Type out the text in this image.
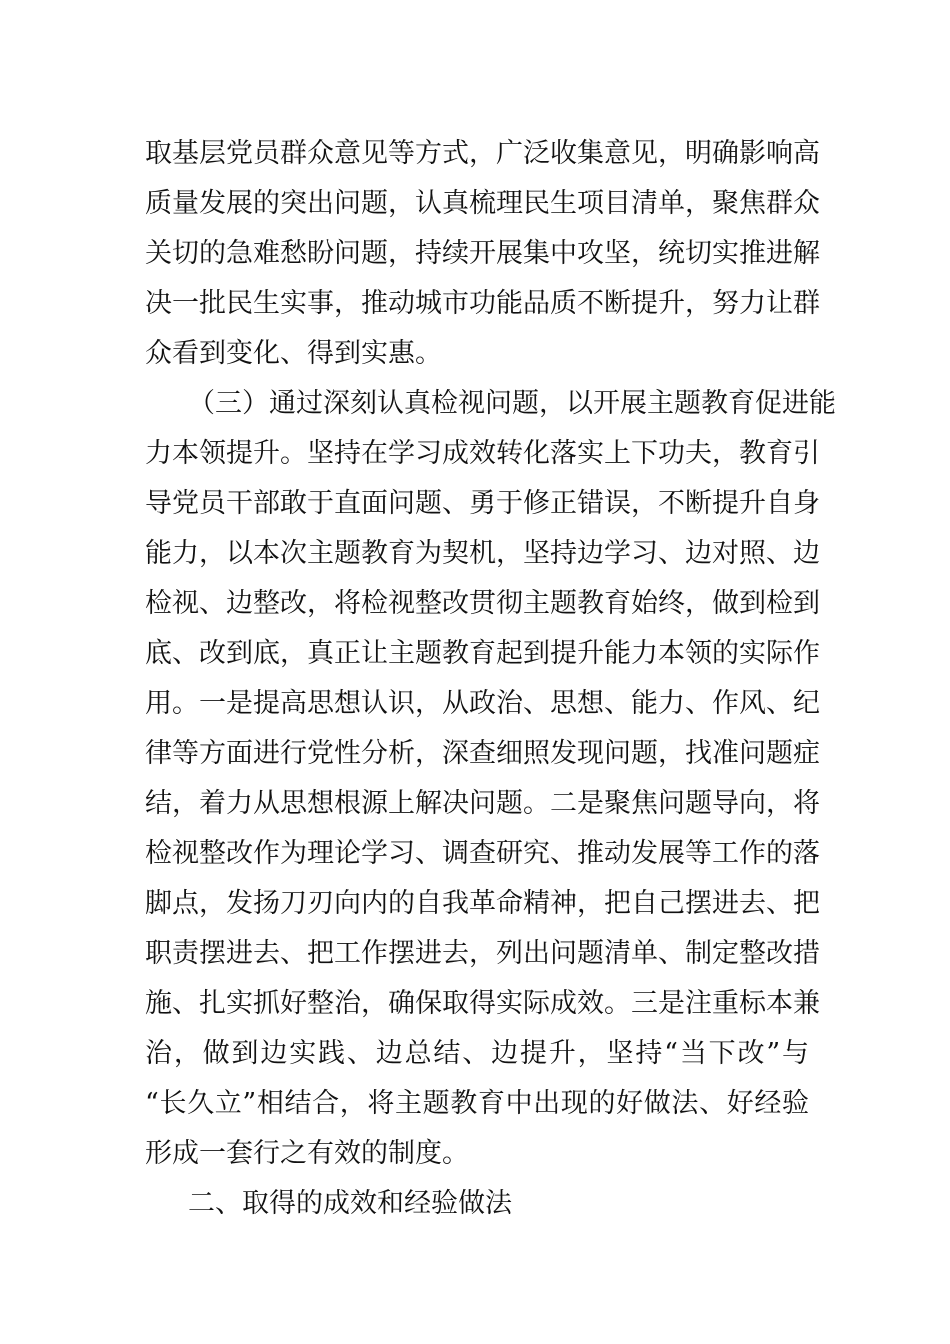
取基层党员群众意见等方式，广泛收集意见，明确影响高
质量发展的突出问题，认真梳理民生项目清单，聚焦群众
关切的急难愁盼问题，持续开展集中攻坚，统切实推进解
决一批民生实事，推动城市功能品质不断提升，努力让群
众看到变化、得到实惠。
（三）通过深刻认真检视问题，以开展主题教育促进能
力本领提升。坚持在学习成效转化落实上下功夫，教育引
导党员干部敢于直面问题、勇于修正错误，不断提升自身
能力，以本次主题教育为契机，坚持边学习、边对照、边
检视、边整改，将检视整改贯彻主题教育始终，做到检到
底、改到底，真正让主题教育起到提升能力本领的实际作
用。一是提高思想认识，从政治、思想、能力、作风、纪
律等方面进行党性分析，深查细照发现问题，找准问题症
结，着力从思想根源上解决问题。二是聚焦问题导向，将
检视整改作为理论学习、调查研究、推动发展等工作的落
脚点，发扬刀刃向内的自我革命精神，把自己摆进去、把
职责摆进去、把工作摆进去，列出问题清单、制定整改措
施、扎实抓好整治，确保取得实际成效。三是注重标本兼
治，做到边实践、边总结、边提升，坚持“当下改”与
“长久立”相结合，将主题教育中出现的好做法、好经验
形成一套行之有效的制度。
二、取得的成效和经验做法
